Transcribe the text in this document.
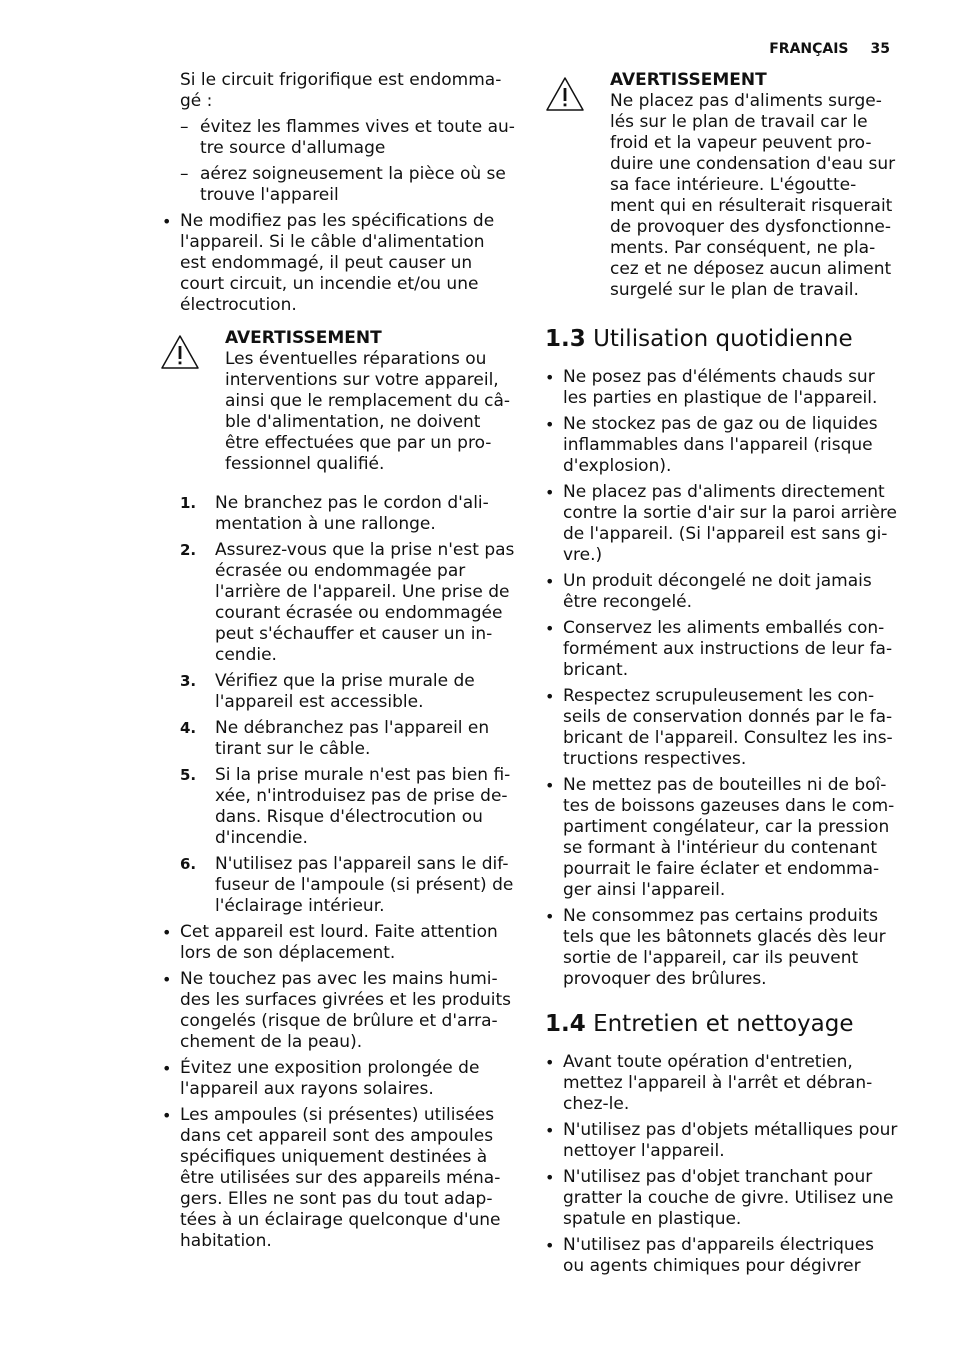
FRANÇAIS 35

Si le circuit frigorifique est endomma-gé :

– évitez les flammes vives et toute au-tre source d'allumage
– aérez soigneusement la pièce où se trouve l'appareil
• Ne modifiez pas les spécifications de l'appareil. Si le câble d'alimentation est endommagé, il peut causer un court circuit, un incendie et/ou une électrocution.
AVERTISSEMENT
Les éventuelles réparations ou interventions sur votre appareil, ainsi que le remplacement du câ-ble d'alimentation, ne doivent être effectuées que par un pro-fessionnel qualifié.
1. Ne branchez pas le cordon d'ali-mentation à une rallonge.
2. Assurez-vous que la prise n'est pas écrasée ou endommagée par l'arrière de l'appareil. Une prise de courant écrasée ou endommagée peut s'échauffer et causer un in-cendie.
3. Vérifiez que la prise murale de l'appareil est accessible.
4. Ne débranchez pas l'appareil en tirant sur le câble.
5. Si la prise murale n'est pas bien fi-xée, n'introduisez pas de prise de-dans. Risque d'électrocution ou d'incendie.
6. N'utilisez pas l'appareil sans le dif-fuseur de l'ampoule (si présent) de l'éclairage intérieur.
• Cet appareil est lourd. Faite attention lors de son déplacement.
• Ne touchez pas avec les mains humi-des les surfaces givrées et les produits congelés (risque de brûlure et d'arra-chement de la peau).
• Évitez une exposition prolongée de l'appareil aux rayons solaires.
• Les ampoules (si présentes) utilisées dans cet appareil sont des ampoules spécifiques uniquement destinées à être utilisées sur des appareils ména-gers. Elles ne sont pas du tout adap-tées à un éclairage quelconque d'une habitation.
AVERTISSEMENT
Ne placez pas d'aliments surge-lés sur le plan de travail car le froid et la vapeur peuvent pro-duire une condensation d'eau sur sa face intérieure. L'égoutte-ment qui en résulterait risquerait de provoquer des dysfonctionne-ments. Par conséquent, ne pla-cez et ne déposez aucun aliment surgelé sur le plan de travail.
1.3 Utilisation quotidienne
• Ne posez pas d'éléments chauds sur les parties en plastique de l'appareil.
• Ne stockez pas de gaz ou de liquides inflammables dans l'appareil (risque d'explosion).
• Ne placez pas d'aliments directement contre la sortie d'air sur la paroi arrière de l'appareil. (Si l'appareil est sans gi-vre.)
• Un produit décongelé ne doit jamais être recongelé.
• Conservez les aliments emballés con-formément aux instructions de leur fa-bricant.
• Respectez scrupuleusement les con-seils de conservation donnés par le fa-bricant de l'appareil. Consultez les ins-tructions respectives.
• Ne mettez pas de bouteilles ni de boî-tes de boissons gazeuses dans le com-partiment congélateur, car la pression se formant à l'intérieur du contenant pourrait le faire éclater et endomma-ger ainsi l'appareil.
• Ne consommez pas certains produits tels que les bâtonnets glacés dès leur sortie de l'appareil, car ils peuvent provoquer des brûlures.
1.4 Entretien et nettoyage
• Avant toute opération d'entretien, mettez l'appareil à l'arrêt et débran-chez-le.
• N'utilisez pas d'objets métalliques pour nettoyer l'appareil.
• N'utilisez pas d'objet tranchant pour gratter la couche de givre. Utilisez une spatule en plastique.
• N'utilisez pas d'appareils électriques ou agents chimiques pour dégivrer
